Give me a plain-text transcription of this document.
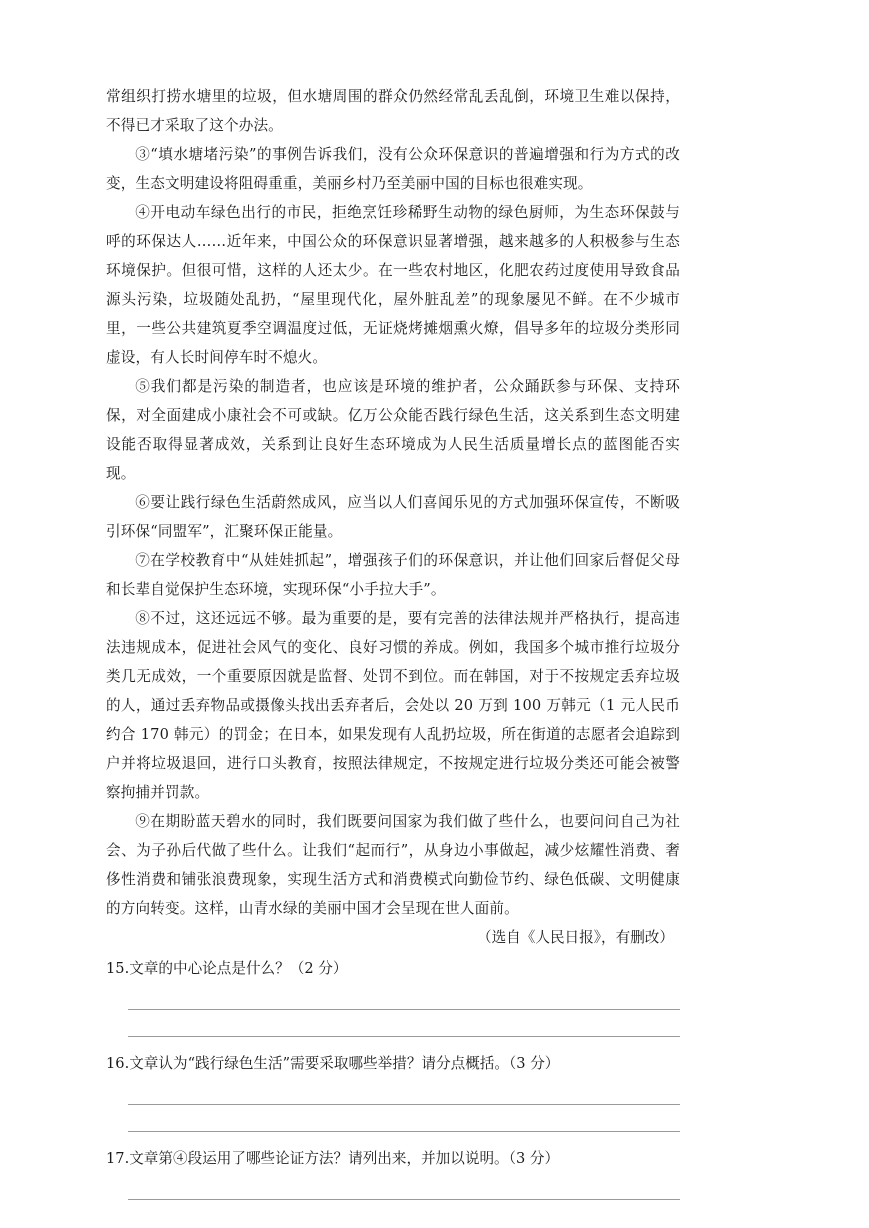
常组织打捞水塘里的垃圾，但水塘周围的群众仍然经常乱丢乱倒，环境卫生难以保持，不得已才采取了这个办法。

③“填水塘堵污染”的事例告诉我们，没有公众环保意识的普遍增强和行为方式的改变，生态文明建设将阻碍重重，美丽乡村乃至美丽中国的目标也很难实现。

④开电动车绿色出行的市民，拒绝烹饪珍稀野生动物的绿色厨师，为生态环保鼓与呼的环保达人……近年来，中国公众的环保意识显著增强，越来越多的人积极参与生态环境保护。但很可惜，这样的人还太少。在一些农村地区，化肥农药过度使用导致食品源头污染，垃圾随处乱扔，“屋里现代化，屋外脏乱差”的现象屡见不鲜。在不少城市里，一些公共建筑夏季空调温度过低，无证烧烤摊烟熏火燎，倡导多年的垃圾分类形同虚设，有人长时间停车时不熄火。

⑤我们都是污染的制造者，也应该是环境的维护者，公众踊跃参与环保、支持环保，对全面建成小康社会不可或缺。亿万公众能否践行绿色生活，这关系到生态文明建设能否取得显著成效，关系到让良好生态环境成为人民生活质量增长点的蓝图能否实现。

⑥要让践行绿色生活蔚然成风，应当以人们喜闻乐见的方式加强环保宣传，不断吸引环保“同盟军”，汇聚环保正能量。

⑦在学校教育中“从娃娃抓起”，增强孩子们的环保意识，并让他们回家后督促父母和长辈自觉保护生态环境，实现环保“小手拉大手”。

⑧不过，这还远远不够。最为重要的是，要有完善的法律法规并严格执行，提高违法违规成本，促进社会风气的变化、良好习惯的养成。例如，我国多个城市推行垃圾分类几无成效，一个重要原因就是监督、处罚不到位。而在韩国，对于不按规定丢弃垃圾的人，通过丢弃物品或摄像头找出丢弃者后，会处以 20 万到 100 万韩元（1 元人民币约合 170 韩元）的罚金；在日本，如果发现有人乱扔垃圾，所在街道的志愿者会追踪到户并将垃圾退回，进行口头教育，按照法律规定，不按规定进行垃圾分类还可能会被警察拘捕并罚款。

⑨在期盼蓝天碧水的同时，我们既要问国家为我们做了些什么，也要问问自己为社会、为子孙后代做了些什么。让我们“起而行”，从身边小事做起，减少炫耀性消费、奢侈性消费和铺张浪费现象，实现生活方式和消费模式向勤俭节约、绿色低碳、文明健康的方向转变。这样，山青水绿的美丽中国才会呈现在世人面前。

（选自《人民日报》，有删改）

15.文章的中心论点是什么？（2 分）

16.文章认为“践行绿色生活”需要采取哪些举措？请分点概括。（3 分）

17.文章第④段运用了哪些论证方法？请列出来，并加以说明。（3 分）
